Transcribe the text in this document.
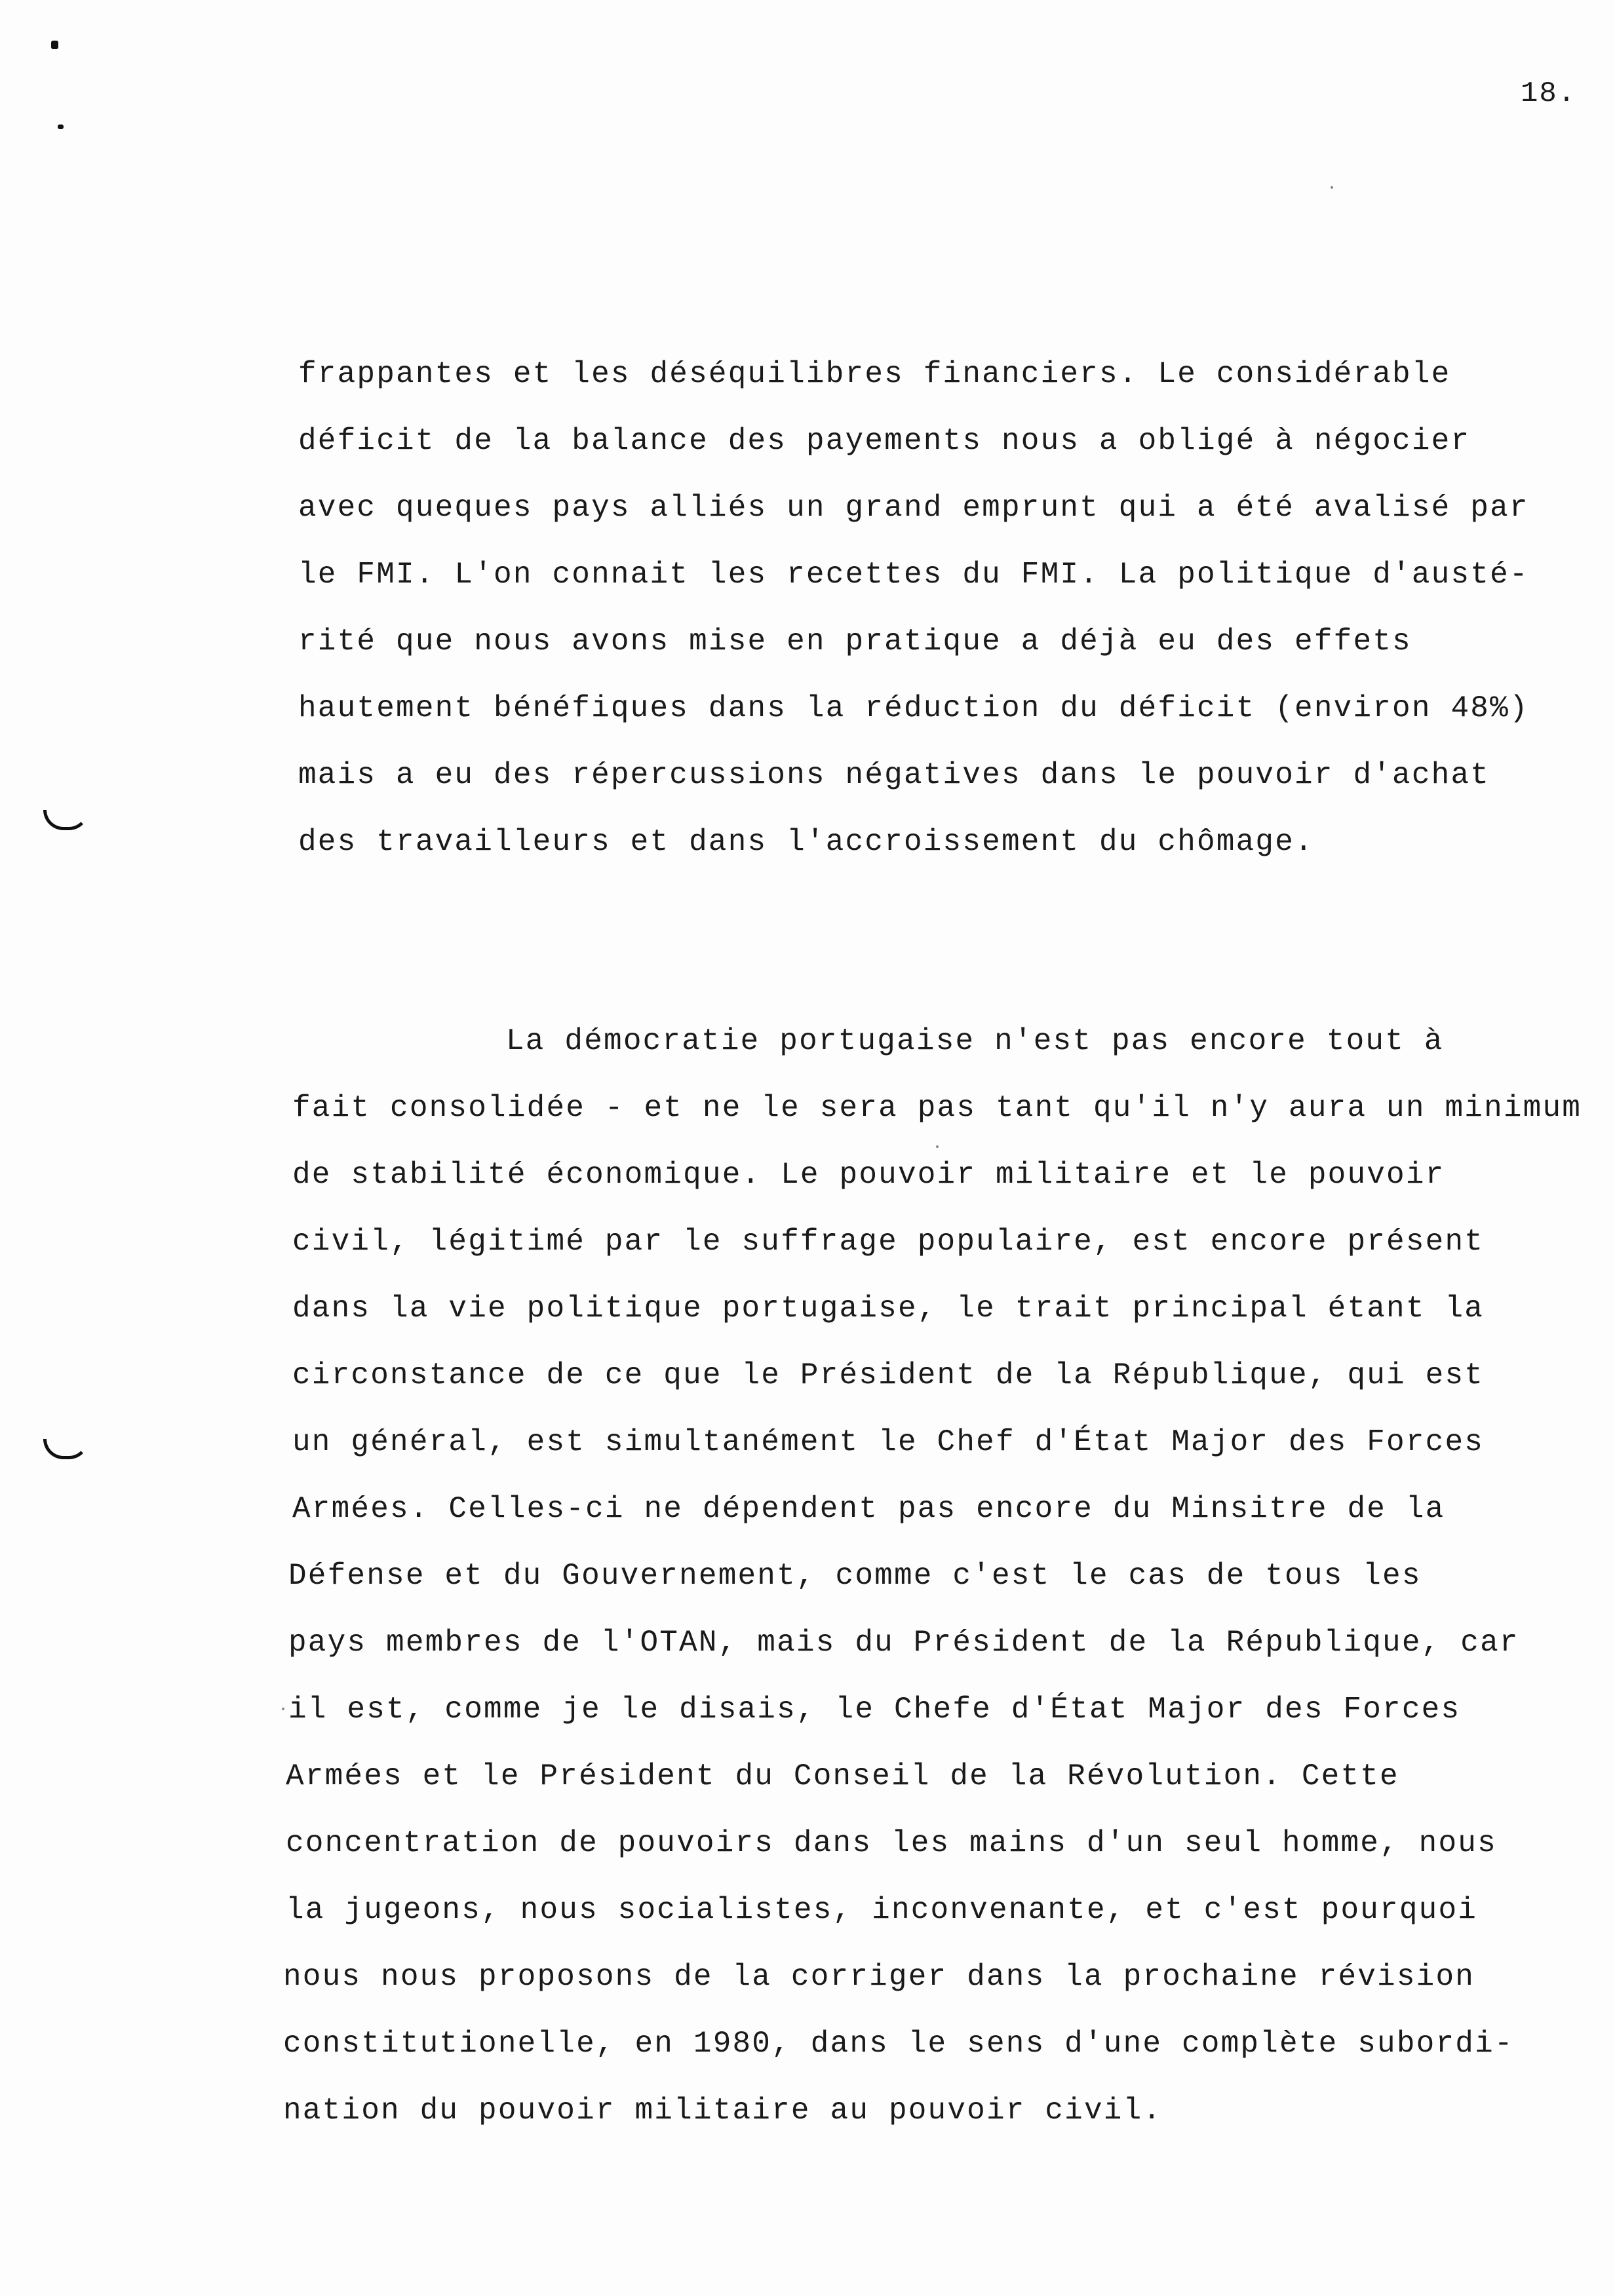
18.
frappantes et les déséquilibres financiers. Le considérable
déficit de la balance des payements nous a obligé à négocier
avec queques pays alliés un grand emprunt qui a été avalisé par
le FMI. L'on connait les recettes du FMI. La politique d'austé-
rité que nous avons mise en pratique a déjà eu des effets
hautement bénéfiques dans la réduction du déficit (environ 48%)
mais a eu des répercussions négatives dans le pouvoir d'achat
des travailleurs et dans l'accroissement du chômage.
La démocratie portugaise n'est pas encore tout à
fait consolidée - et ne le sera pas tant qu'il n'y aura un minimum
de stabilité économique. Le pouvoir militaire et le pouvoir
civil, légitimé par le suffrage populaire, est encore présent
dans la vie politique portugaise, le trait principal étant la
circonstance de ce que le Président de la République, qui est
un général, est simultanément le Chef d'État Major des Forces
Armées. Celles-ci ne dépendent pas encore du Minsitre de la
Défense et du Gouvernement, comme c'est le cas de tous les
pays membres de l'OTAN, mais du Président de la République, car
il est, comme je le disais, le Chefe d'État Major des Forces
Armées et le Président du Conseil de la Révolution. Cette
concentration de pouvoirs dans les mains d'un seul homme, nous
la jugeons, nous socialistes, inconvenante, et c'est pourquoi
nous nous proposons de la corriger dans la prochaine révision
constitutionelle, en 1980, dans le sens d'une complète subordi-
nation du pouvoir militaire au pouvoir civil.
